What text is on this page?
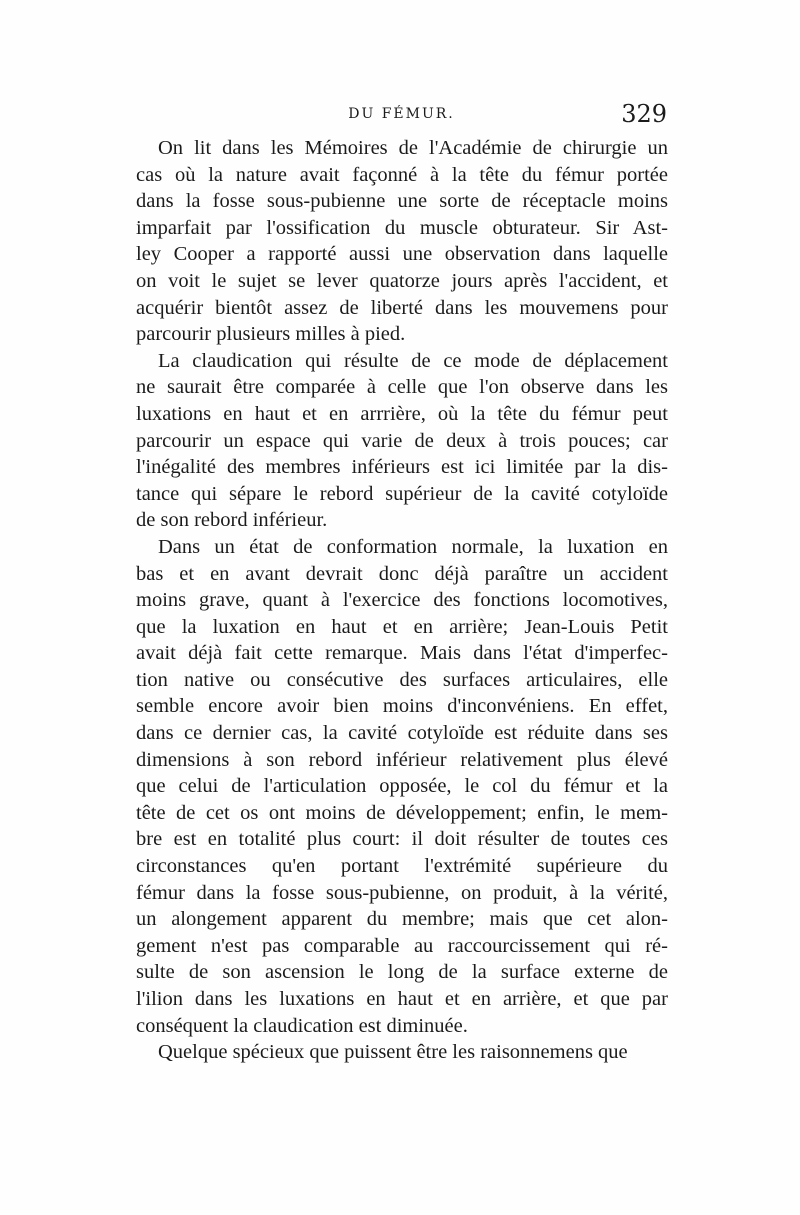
DU FÉMUR.	329
On lit dans les Mémoires de l'Académie de chirurgie un
cas où la nature avait façonné à la tête du fémur portée
dans la fosse sous-pubienne une sorte de réceptacle moins
imparfait par l'ossification du muscle obturateur. Sir Ast-
ley Cooper a rapporté aussi une observation dans laquelle
on voit le sujet se lever quatorze jours après l'accident, et
acquérir bientôt assez de liberté dans les mouvemens pour
parcourir plusieurs milles à pied.
La claudication qui résulte de ce mode de déplacement
ne saurait être comparée à celle que l'on observe dans les
luxations en haut et en arrrière, où la tête du fémur peut
parcourir un espace qui varie de deux à trois pouces; car
l'inégalité des membres inférieurs est ici limitée par la dis-
tance qui sépare le rebord supérieur de la cavité cotyloïde
de son rebord inférieur.
Dans un état de conformation normale, la luxation en
bas et en avant devrait donc déjà paraître un accident
moins grave, quant à l'exercice des fonctions locomotives,
que la luxation en haut et en arrière; Jean-Louis Petit
avait déjà fait cette remarque. Mais dans l'état d'imperfec-
tion native ou consécutive des surfaces articulaires, elle
semble encore avoir bien moins d'inconvéniens. En effet,
dans ce dernier cas, la cavité cotyloïde est réduite dans ses
dimensions à son rebord inférieur relativement plus élevé
que celui de l'articulation opposée, le col du fémur et la
tête de cet os ont moins de développement; enfin, le mem-
bre est en totalité plus court: il doit résulter de toutes ces
circonstances qu'en portant l'extrémité supérieure du
fémur dans la fosse sous-pubienne, on produit, à la vérité,
un alongement apparent du membre; mais que cet alon-
gement n'est pas comparable au raccourcissement qui ré-
sulte de son ascension le long de la surface externe de
l'ilion dans les luxations en haut et en arrière, et que par
conséquent la claudication est diminuée.
Quelque spécieux que puissent être les raisonnemens que
